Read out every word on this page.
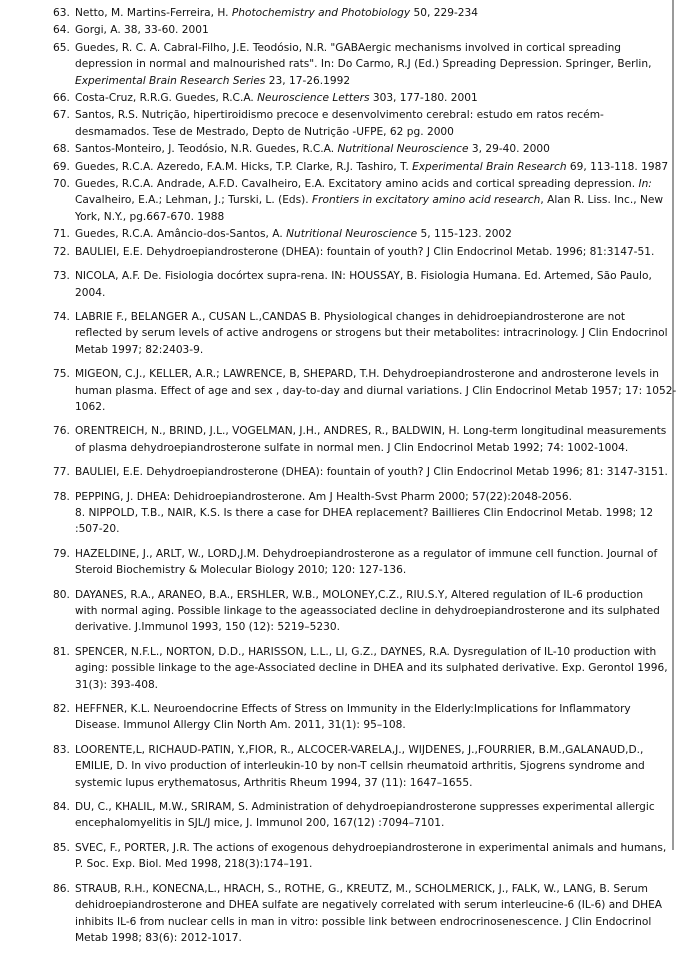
63. Netto, M. Martins-Ferreira, H. Photochemistry and Photobiology 50, 229-234
64. Gorgi, A. 38, 33-60. 2001
65. Guedes, R. C. A. Cabral-Filho, J.E. Teodósio, N.R. "GABAergic mechanisms involved in cortical spreading
depression in normal and malnourished rats". In: Do Carmo, R.J (Ed.) Spreading Depression. Springer, Berlin,
Experimental Brain Research Series 23, 17-26.1992
66. Costa-Cruz, R.R.G. Guedes, R.C.A. Neuroscience Letters 303, 177-180. 2001
67. Santos, R.S. Nutrição, hipertiroidismo precoce e desenvolvimento cerebral: estudo em ratos recém-
desmamados. Tese de Mestrado, Depto de Nutrição -UFPE, 62 pg. 2000
68. Santos-Monteiro, J. Teodósio, N.R. Guedes, R.C.A. Nutritional Neuroscience 3, 29-40. 2000
69. Guedes, R.C.A. Azeredo, F.A.M. Hicks, T.P. Clarke, R.J. Tashiro, T. Experimental Brain Research 69, 113-118. 1987
70. Guedes, R.C.A. Andrade, A.F.D. Cavalheiro, E.A. Excitatory amino acids and cortical spreading depression. In:
Cavalheiro, E.A.; Lehman, J.; Turski, L. (Eds). Frontiers in excitatory amino acid research, Alan R. Liss. Inc., New
York, N.Y., pg.667-670. 1988
71. Guedes, R.C.A. Amâncio-dos-Santos, A. Nutritional Neuroscience 5, 115-123. 2002
72. BAULIEI, E.E. Dehydroepiandrosterone (DHEA): fountain of youth? J Clin Endocrinol Metab. 1996; 81:3147-51.
73. NICOLA, A.F. De. Fisiologia docórtex supra-rena. IN: HOUSSAY, B. Fisiologia Humana. Ed. Artemed, São Paulo,
2004.
74. LABRIE F., BELANGER A., CUSAN L.,CANDAS B. Physiological changes in dehidroepiandrosterone are not
reflected by serum levels of active androgens or strogens but their metabolites: intracrinology. J Clin Endocrinol
Metab 1997; 82:2403-9.
75. MIGEON, C.J., KELLER, A.R.; LAWRENCE, B, SHEPARD, T.H. Dehydroepiandrosterone and androsterone levels in
human plasma. Effect of age and sex , day-to-day and diurnal variations. J Clin Endocrinol Metab 1957; 17: 1052-
1062.
76. ORENTREICH, N., BRIND, J.L., VOGELMAN, J.H., ANDRES, R., BALDWIN, H. Long-term longitudinal measurements
of plasma dehydroepiandrosterone sulfate in normal men. J Clin Endocrinol Metab 1992; 74: 1002-1004.
77. BAULIEI, E.E. Dehydroepiandrosterone (DHEA): fountain of youth? J Clin Endocrinol Metab 1996; 81: 3147-3151.
78. PEPPING, J. DHEA: Dehidroepiandrosterone. Am J Health-Svst Pharm 2000; 57(22):2048-2056.
8. NIPPOLD, T.B., NAIR, K.S. Is there a case for DHEA replacement? Baillieres Clin Endocrinol Metab. 1998; 12
:507-20.
79. HAZELDINE, J., ARLT, W., LORD,J.M. Dehydroepiandrosterone as a regulator of immune cell function. Journal of
Steroid Biochemistry & Molecular Biology 2010; 120: 127-136.
80. DAYANES, R.A., ARANEO, B.A., ERSHLER, W.B., MOLONEY,C.Z., RIU.S.Y, Altered regulation of IL-6 production
with normal aging. Possible linkage to the ageassociated decline in dehydroepiandrosterone and its sulphated
derivative. J.Immunol 1993, 150 (12): 5219–5230.
81. SPENCER, N.F.L., NORTON, D.D., HARISSON, L.L., LI, G.Z., DAYNES, R.A. Dysregulation of IL-10 production with
aging: possible linkage to the age-Associated decline in DHEA and its sulphated derivative. Exp. Gerontol 1996,
31(3): 393-408.
82. HEFFNER, K.L. Neuroendocrine Effects of Stress on Immunity in the Elderly:Implications for Inflammatory
Disease. Immunol Allergy Clin North Am. 2011, 31(1): 95–108.
83. LOORENTE,L, RICHAUD-PATIN, Y.,FIOR, R., ALCOCER-VARELA,J., WIJDENES, J.,FOURRIER, B.M.,GALANAUD,D.,
EMILIE, D. In vivo production of interleukin-10 by non-T cellsin rheumatoid arthritis, Sjogrens syndrome and
systemic lupus erythematosus, Arthritis Rheum 1994, 37 (11): 1647–1655.
84. DU, C., KHALIL, M.W., SRIRAM, S. Administration of dehydroepiandrosterone suppresses experimental allergic
encephalomyelitis in SJL/J mice, J. Immunol 200, 167(12) :7094–7101.
85. SVEC, F., PORTER, J.R. The actions of exogenous dehydroepiandrosterone in experimental animals and humans,
P. Soc. Exp. Biol. Med 1998, 218(3):174–191.
86. STRAUB, R.H., KONECNA,L., HRACH, S., ROTHE, G., KREUTZ, M., SCHOLMERICK, J., FALK, W., LANG, B. Serum
dehidroepiandrosterone and DHEA sulfate are negatively correlated with serum interleucine-6 (IL-6) and DHEA
inhibits IL-6 from nuclear cells in man in vitro: possible link between endrocrinosenescence. J Clin Endocrinol
Metab 1998; 83(6): 2012-1017.
